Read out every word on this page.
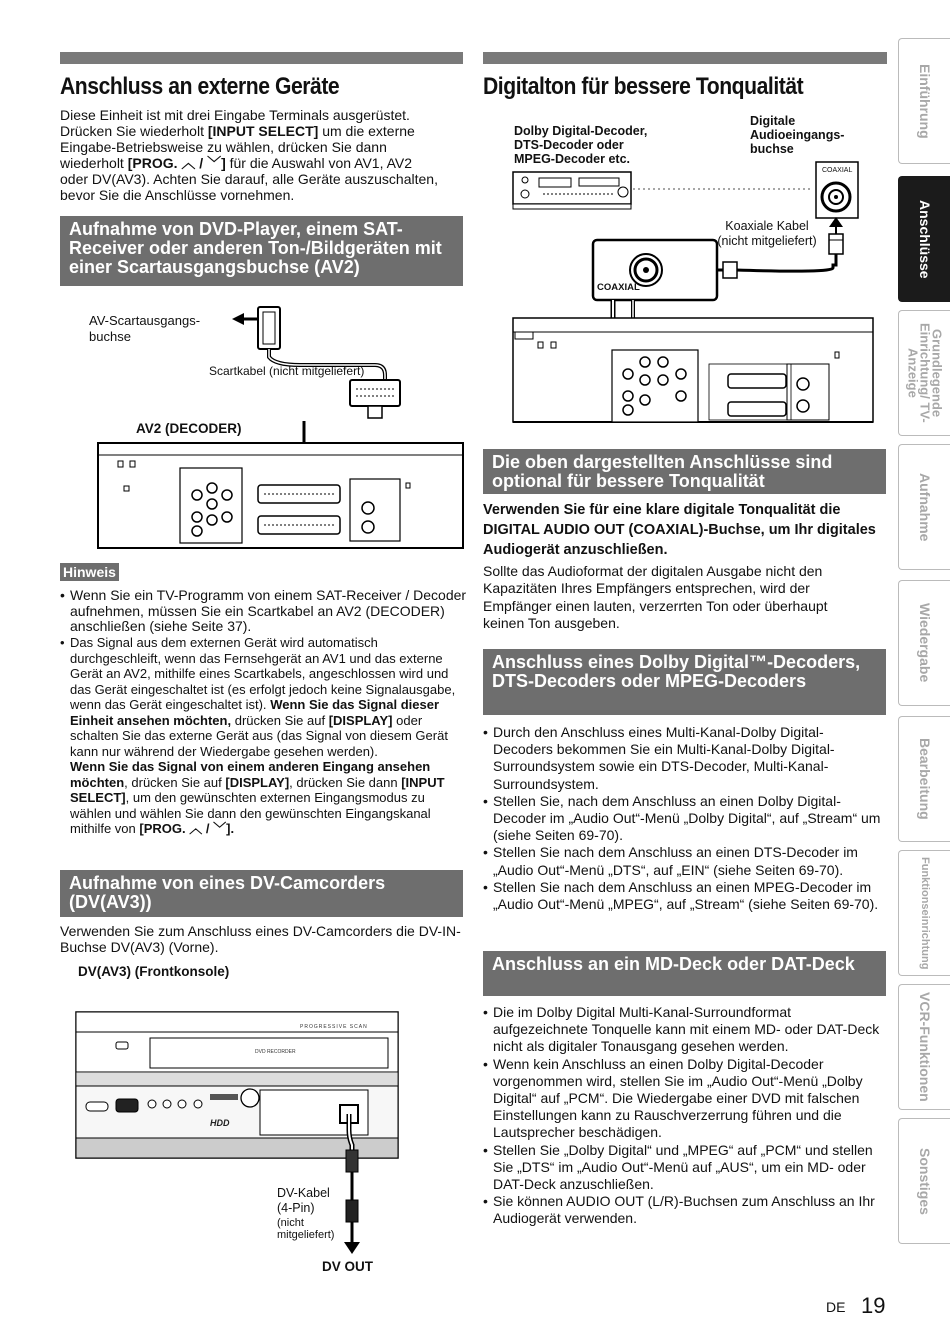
Anschluss an externe Geräte
Diese Einheit ist mit drei Eingabe Terminals ausgerüstet.
Drücken Sie wiederholt [INPUT SELECT] um die externe
Eingabe-Betriebsweise zu wählen, drücken Sie dann
wiederholt [PROG. ︿ / ﹀] für die Auswahl von AV1, AV2
oder DV(AV3). Achten Sie darauf, alle Geräte auszuschalten,
bevor Sie die Anschlüsse vornehmen.
Aufnahme von DVD-Player, einem SAT-Receiver oder anderen Ton-/Bildgeräten mit einer Scartausgangsbuchse (AV2)
AV-Scartausgangs-
buchse
Scartkabel (nicht mitgeliefert)
AV2 (DECODER)
Hinweis
• Wenn Sie ein TV-Programm von einem SAT-Receiver / Decoder aufnehmen, müssen Sie ein Scartkabel an AV2 (DECODER) anschließen (siehe Seite 37).
• Das Signal aus dem externen Gerät wird automatisch durchgeschleift, wenn das Fernsehgerät an AV1 und das externe Gerät an AV2, mithilfe eines Scartkabels, angeschlossen wird und das Gerät eingeschaltet ist (es erfolgt jedoch keine Signalausgabe, wenn das Gerät eingeschaltet ist). Wenn Sie das Signal dieser Einheit ansehen möchten, drücken Sie auf [DISPLAY] oder schalten Sie das externe Gerät aus (das Signal von diesem Gerät kann nur während der Wiedergabe gesehen werden).
Wenn Sie das Signal von einem anderen Eingang ansehen möchten, drücken Sie auf [DISPLAY], drücken Sie dann [INPUT SELECT], um den gewünschten externen Eingangsmodus zu wählen und wählen Sie dann den gewünschten Eingangskanal mithilfe von [PROG. ︿ / ﹀].
Aufnahme von eines DV-Camcorders (DV(AV3))
Verwenden Sie zum Anschluss eines DV-Camcorders die DV-IN-Buchse DV(AV3) (Vorne).
DV(AV3) (Frontkonsole)
PROGRESSIVE SCAN
DVD RECORDER
HDD
DV-Kabel
(4-Pin)
(nicht
mitgeliefert)
DV OUT
Digitalton für bessere Tonqualität
Dolby Digital-Decoder,
DTS-Decoder oder
MPEG-Decoder etc.
Digitale
Audioeingangs-
buchse
COAXIAL
Koaxiale Kabel
(nicht mitgeliefert)
COAXIAL
Die oben dargestellten Anschlüsse sind optional für bessere Tonqualität
Verwenden Sie für eine klare digitale Tonqualität die DIGITAL AUDIO OUT (COAXIAL)-Buchse, um Ihr digitales Audiogerät anzuschließen.
Sollte das Audioformat der digitalen Ausgabe nicht den Kapazitäten Ihres Empfängers entsprechen, wird der Empfänger einen lauten, verzerrten Ton oder überhaupt keinen Ton ausgeben.
Anschluss eines Dolby Digital™-Decoders, DTS-Decoders oder MPEG-Decoders
• Durch den Anschluss eines Multi-Kanal-Dolby Digital-Decoders bekommen Sie ein Multi-Kanal-Dolby Digital-Surroundsystem sowie ein DTS-Decoder, Multi-Kanal-Surroundsystem.
• Stellen Sie, nach dem Anschluss an einen Dolby Digital-Decoder im „Audio Out“-Menü „Dolby Digital“, auf „Stream“ um (siehe Seiten 69-70).
• Stellen Sie nach dem Anschluss an einen DTS-Decoder im „Audio Out“-Menü „DTS“, auf „EIN“ (siehe Seiten 69-70).
• Stellen Sie nach dem Anschluss an einen MPEG-Decoder im „Audio Out“-Menü „MPEG“, auf „Stream“ (siehe Seiten 69-70).
Anschluss an ein MD-Deck oder DAT-Deck
• Die im Dolby Digital Multi-Kanal-Surroundformat aufgezeichnete Tonquelle kann mit einem MD- oder DAT-Deck nicht als digitaler Tonausgang gesehen werden.
• Wenn kein Anschluss an einen Dolby Digital-Decoder vorgenommen wird, stellen Sie im „Audio Out“-Menü „Dolby Digital“ auf „PCM“. Die Wiedergabe einer DVD mit falschen Einstellungen kann zu Rauschverzerrung führen und die Lautsprecher beschädigen.
• Stellen Sie „Dolby Digital“ und „MPEG“ auf „PCM“ und stellen Sie „DTS“ im „Audio Out“-Menü auf „AUS“, um ein MD- oder DAT-Deck anzuschließen.
• Sie können AUDIO OUT (L/R)-Buchsen zum Anschluss an Ihr Audiogerät verwenden.
Einführung
Anschlüsse
Grundlegende Einrichtung/ TV-Anzeige
Aufnahme
Wiedergabe
Bearbeitung
Funktionseinrichtung
VCR-Funktionen
Sonstiges
DE 19
